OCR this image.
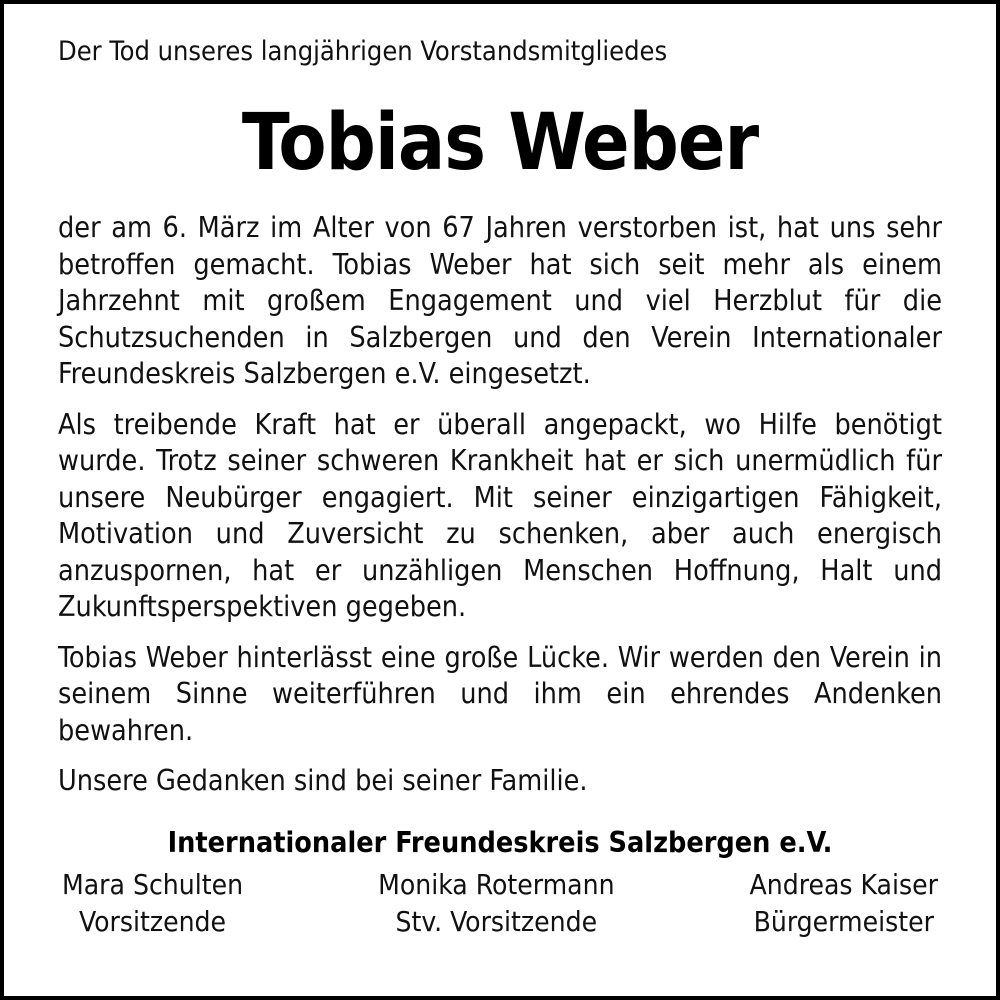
Der Tod unseres langjährigen Vorstandsmitgliedes

Tobias Weber

der am 6. März im Alter von 67 Jahren verstorben ist, hat uns sehr betroffen gemacht. Tobias Weber hat sich seit mehr als einem Jahrzehnt mit großem Engagement und viel Herzblut für die Schutzsuchenden in Salzbergen und den Verein Internationaler Freundeskreis Salzbergen e.V. eingesetzt.

Als treibende Kraft hat er überall angepackt, wo Hilfe benötigt wurde. Trotz seiner schweren Krankheit hat er sich unermüdlich für unsere Neubürger engagiert. Mit seiner einzigartigen Fähigkeit, Motivation und Zuversicht zu schenken, aber auch energisch anzuspornen, hat er unzähligen Menschen Hoffnung, Halt und Zukunftsperspektiven gegeben.

Tobias Weber hinterlässt eine große Lücke. Wir werden den Verein in seinem Sinne weiterführen und ihm ein ehrendes Andenken bewahren.

Unsere Gedanken sind bei seiner Familie.

Internationaler Freundeskreis Salzbergen e.V.
Mara Schulten
Vorsitzende
Monika Rotermann
Stv. Vorsitzende
Andreas Kaiser
Bürgermeister
